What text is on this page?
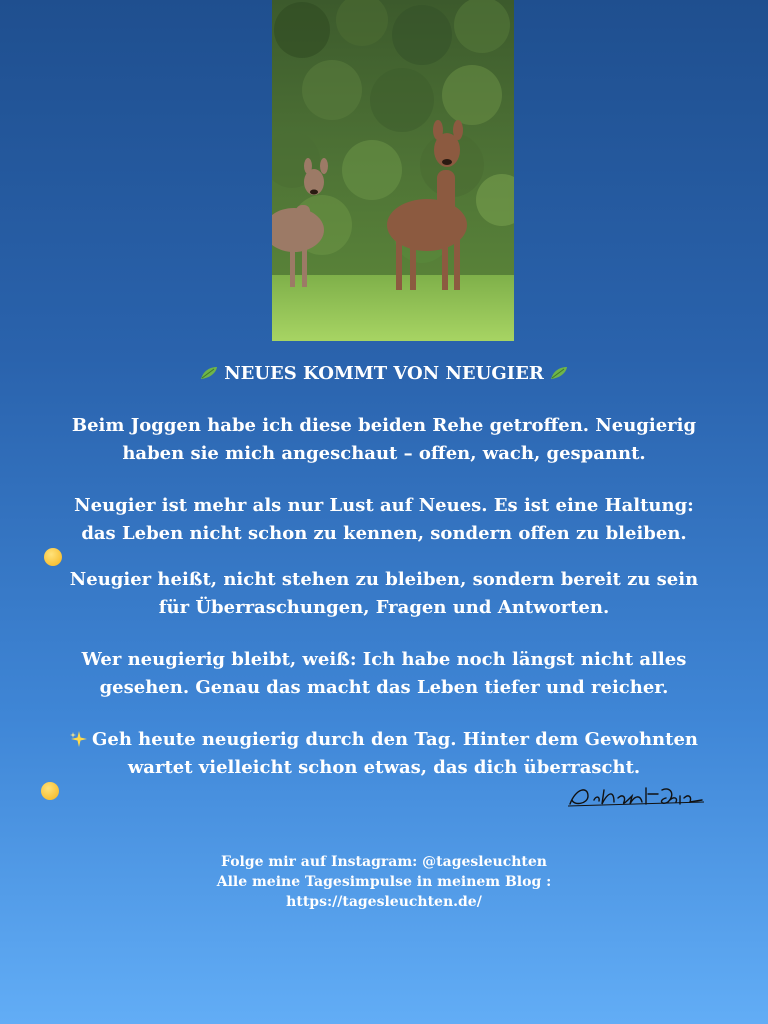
NEUES KOMMT VON NEUGIER
Beim Joggen habe ich diese beiden Rehe getroffen. Neugierig
haben sie mich angeschaut – offen, wach, gespannt.
Neugier ist mehr als nur Lust auf Neues. Es ist eine Haltung:
das Leben nicht schon zu kennen, sondern offen zu bleiben.
Neugier heißt, nicht stehen zu bleiben, sondern bereit zu sein
für Überraschungen, Fragen und Antworten.
Wer neugierig bleibt, weiß: Ich habe noch längst nicht alles
gesehen. Genau das macht das Leben tiefer und reicher.
Geh heute neugierig durch den Tag. Hinter dem Gewohnten
wartet vielleicht schon etwas, das dich überrascht.
Folge mir auf Instagram: @tagesleuchten
Alle meine Tagesimpulse in meinem Blog :
https://tagesleuchten.de/
